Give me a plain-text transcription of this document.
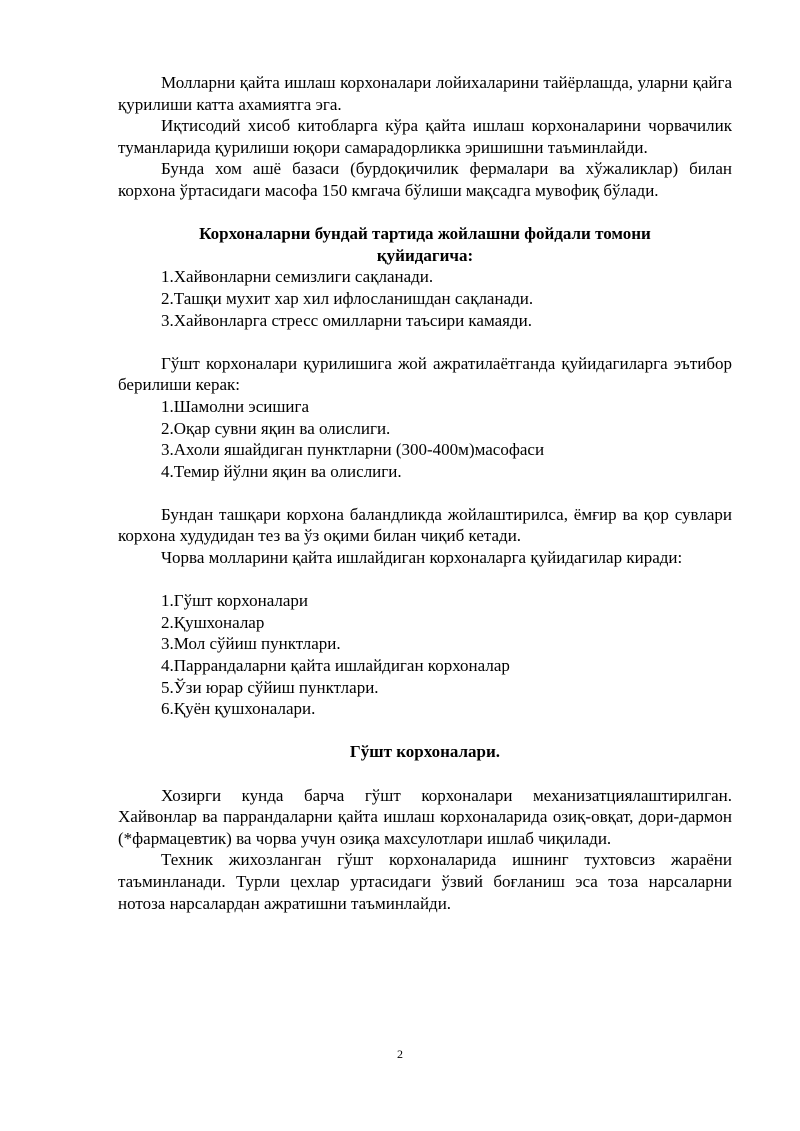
Молларни қайта ишлаш корхоналари лойихаларини тайёрлашда, уларни қайга қурилиши катта ахамиятга эга.

Иқтисодий хисоб китобларга кўра қайта ишлаш корхоналарини чорвачилик туманларида қурилиши юқори самарадорликка эришишни таъминлайди.

Бунда хом ашё базаси (бурдоқичилик фермалари ва хўжаликлар) билан корхона ўртасидаги масофа 150 кмгача бўлиши мақсадга мувофиқ бўлади.

Корхоналарни бундай тартида жойлашни фойдали томони қуйидагича:

1.Хайвонларни семизлиги сақланади.
2.Ташқи мухит хар хил ифлосланишдан сақланади.
3.Хайвонларга стресс омилларни таъсири камаяди.

Гўшт корхоналари қурилишига жой ажратилаётганда қуйидагиларга эътибор берилиши керак:

1.Шамолни эсишига
2.Оқар сувни яқин ва олислиги.
3.Ахоли яшайдиган пунктларни (300-400м)масофаси
4.Темир йўлни яқин ва олислиги.

Бундан ташқари корхона баландликда жойлаштирилса, ёмғир ва қор сувлари корхона худудидан тез ва ўз оқими билан чиқиб кетади.

Чорва молларини қайта ишлайдиган корхоналарга қуйидагилар киради:

1.Гўшт корхоналари
2.Қушхоналар
3.Мол сўйиш пунктлари.
4.Паррандаларни қайта ишлайдиган корхоналар
5.Ўзи юрар сўйиш пунктлари.
6.Қуён қушхоналари.

Гўшт корхоналари.

Хозирги кунда барча гўшт корхоналари механизатциялаштирилган. Хайвонлар ва паррандаларни қайта ишлаш корхоналарида озиқ-овқат, дори-дармон (*фармацевтик) ва чорва учун озиқа махсулотлари ишлаб чиқилади.

Техник жихозланган гўшт корхоналарида ишнинг тухтовсиз жараёни таъминланади. Турли цехлар уртасидаги ўзвий боғланиш эса тоза нарсаларни нотоза нарсалардан ажратишни таъминлайди.

2
